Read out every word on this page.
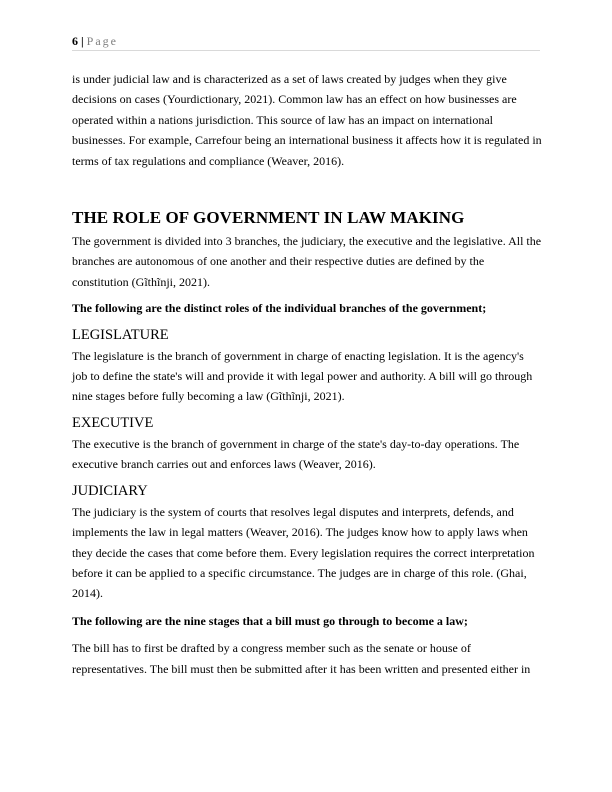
6 | Page

is under judicial law and is characterized as a set of laws created by judges when they give decisions on cases (Yourdictionary, 2021). Common law has an effect on how businesses are operated within a nations jurisdiction. This source of law has an impact on international businesses. For example, Carrefour being an international business it affects how it is regulated in terms of tax regulations and compliance (Weaver, 2016).

THE ROLE OF GOVERNMENT IN LAW MAKING

The government is divided into 3 branches, the judiciary, the executive and the legislative. All the branches are autonomous of one another and their respective duties are defined by the constitution (Gĩthĩnji, 2021).

The following are the distinct roles of the individual branches of the government;

LEGISLATURE

The legislature is the branch of government in charge of enacting legislation. It is the agency's job to define the state's will and provide it with legal power and authority. A bill will go through nine stages before fully becoming a law (Gĩthĩnji, 2021).

EXECUTIVE

The executive is the branch of government in charge of the state's day-to-day operations. The executive branch carries out and enforces laws (Weaver, 2016).

JUDICIARY

The judiciary is the system of courts that resolves legal disputes and interprets, defends, and implements the law in legal matters (Weaver, 2016). The judges know how to apply laws when they decide the cases that come before them. Every legislation requires the correct interpretation before it can be applied to a specific circumstance. The judges are in charge of this role. (Ghai, 2014).

The following are the nine stages that a bill must go through to become a law;

The bill has to first be drafted by a congress member such as the senate or house of representatives. The bill must then be submitted after it has been written and presented either in
